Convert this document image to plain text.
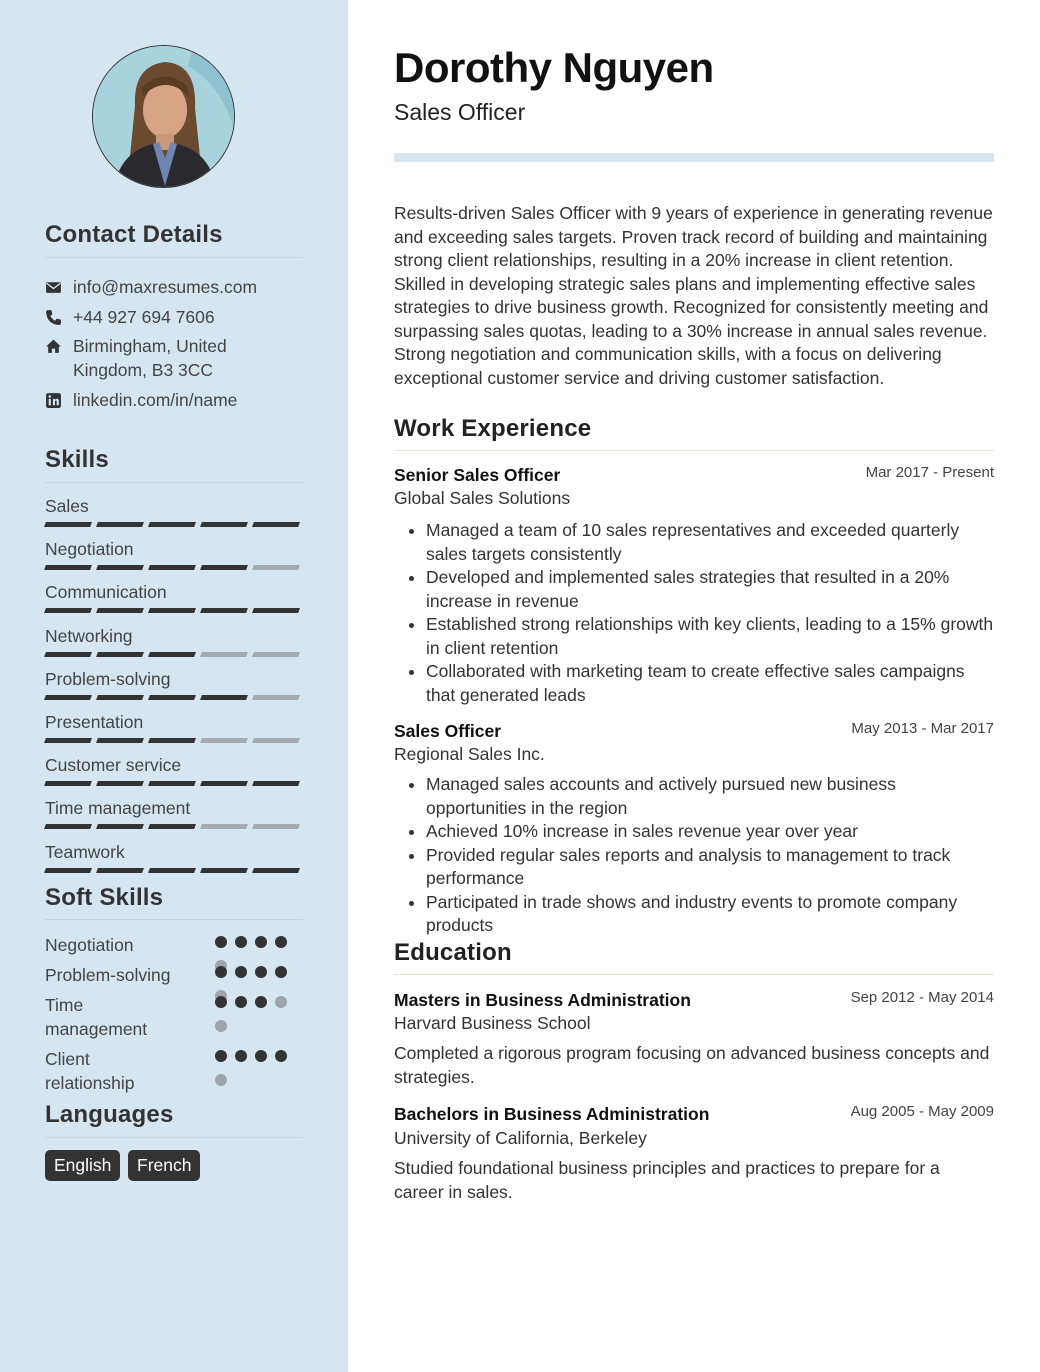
Contact Details
info@maxresumes.com
+44 927 694 7606
Birmingham, United
Kingdom, B3 3CC
linkedin.com/in/name
Skills
Sales
Negotiation
Communication
Networking
Problem-solving
Presentation
Customer service
Time management
Teamwork
Soft Skills
Negotiation
Problem-solving
Time
management
Client
relationship
Languages
English	French
Dorothy Nguyen
Sales Officer
Results-driven Sales Officer with 9 years of experience in generating revenue and exceeding sales targets. Proven track record of building and maintaining strong client relationships, resulting in a 20% increase in client retention. Skilled in developing strategic sales plans and implementing effective sales strategies to drive business growth. Recognized for consistently meeting and surpassing sales quotas, leading to a 30% increase in annual sales revenue. Strong negotiation and communication skills, with a focus on delivering exceptional customer service and driving customer satisfaction.
Work Experience
Senior Sales Officer	Mar 2017 - Present
Global Sales Solutions
• Managed a team of 10 sales representatives and exceeded quarterly sales targets consistently
• Developed and implemented sales strategies that resulted in a 20% increase in revenue
• Established strong relationships with key clients, leading to a 15% growth in client retention
• Collaborated with marketing team to create effective sales campaigns that generated leads
Sales Officer	May 2013 - Mar 2017
Regional Sales Inc.
• Managed sales accounts and actively pursued new business opportunities in the region
• Achieved 10% increase in sales revenue year over year
• Provided regular sales reports and analysis to management to track performance
• Participated in trade shows and industry events to promote company products
Education
Masters in Business Administration	Sep 2012 - May 2014
Harvard Business School
Completed a rigorous program focusing on advanced business concepts and strategies.
Bachelors in Business Administration	Aug 2005 - May 2009
University of California, Berkeley
Studied foundational business principles and practices to prepare for a career in sales.
